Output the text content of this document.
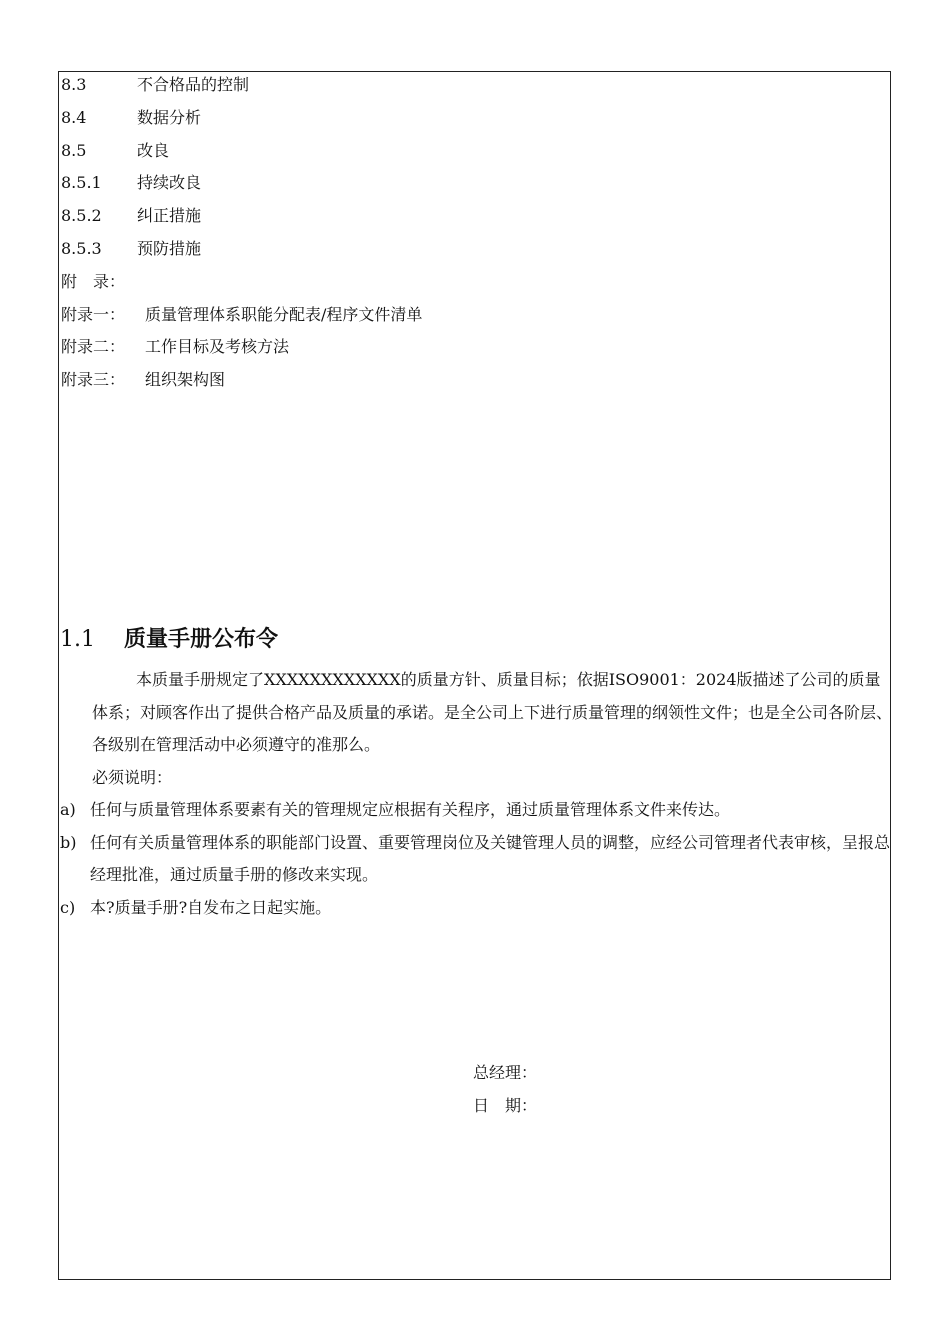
8.3	不合格品的控制
8.4	数据分析
8.5	改良
8.5.1 持续改良
8.5.2 纠正措施
8.5.3 预防措施
附　录：
附录一： 质量管理体系职能分配表/程序文件清单
附录二： 工作目标及考核方法
附录三： 组织架构图
1.1 质量手册公布令

本质量手册规定了XXXXXXXXXXXX的质量方针、质量目标；依据ISO9001：2024版描述了公司的质量体系；对顾客作出了提供合格产品及质量的承诺。是全公司上下进行质量管理的纲领性文件；也是全公司各阶层、各级别在管理活动中必须遵守的准那么。

必须说明：

a) 任何与质量管理体系要素有关的管理规定应根据有关程序，通过质量管理体系文件来传达。

b) 任何有关质量管理体系的职能部门设置、重要管理岗位及关键管理人员的调整，应经公司管理者代表审核，呈报总经理批准，通过质量手册的修改来实现。

c) 本?质量手册?自发布之日起实施。

总经理：
日　期：
